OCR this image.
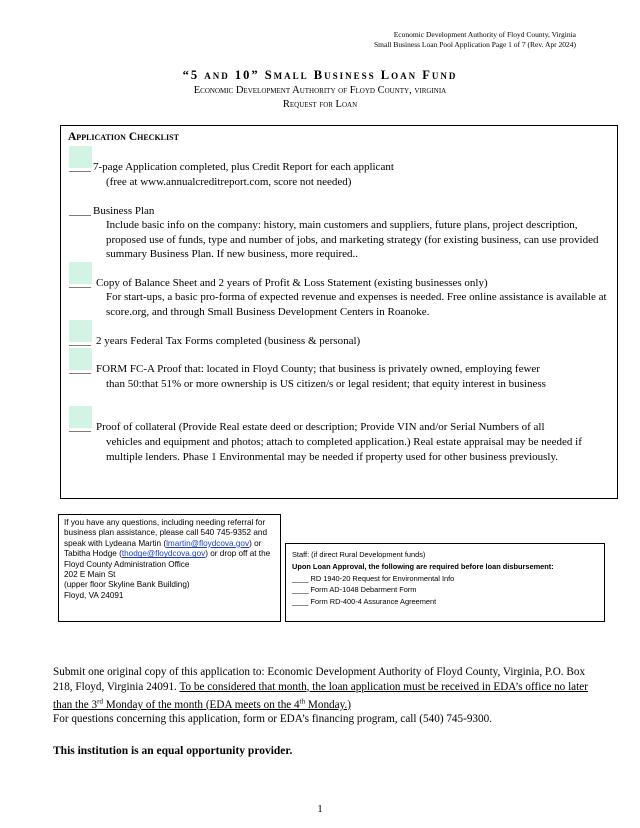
Economic Development Authority of Floyd County, Virginia
Small Business Loan Pool Application Page 1 of 7 (Rev. Apr 2024)
“5 and 10” Small Business Loan Fund
Economic Development Authority of Floyd County, virginia
Request for Loan
Application Checklist
____ 7-page Application completed, plus Credit Report for each applicant
(free at www.annualcreditreport.com, score not needed)
____ Business Plan
Include basic info on the company: history, main customers and suppliers, future plans, project description, proposed use of funds, type and number of jobs, and marketing strategy (for existing business, can use provided summary Business Plan. If new business, more required..
____ Copy of Balance Sheet and 2 years of Profit & Loss Statement (existing businesses only)
For start-ups, a basic pro-forma of expected revenue and expenses is needed. Free online assistance is available at score.org, and through Small Business Development Centers in Roanoke.
____ 2 years Federal Tax Forms completed (business & personal)
____ FORM FC-A Proof that: located in Floyd County; that business is privately owned, employing fewer
than 50:that 51% or more ownership is US citizen/s or legal resident; that equity interest in business
____ Proof of collateral (Provide Real estate deed or description; Provide VIN and/or Serial Numbers of all
vehicles and equipment and photos; attach to completed application.) Real estate appraisal may be needed if multiple lenders. Phase 1 Environmental may be needed if property used for other business previously.
If you have any questions, including needing referral for business plan assistance, please call 540 745-9352 and speak with Lydeana Martin (lmartin@floydcova.gov) or Tabitha Hodge (thodge@floydcova.gov) or drop off at the Floyd County Administration Office
202 E Main St
(upper floor Skyline Bank Building)
Floyd, VA 24091
Staff: (if direct Rural Development funds)
Upon Loan Approval, the following are required before loan disbursement:
____ RD 1940-20 Request for Environmental Info
____ Form AD-1048 Debarment Form
____ Form RD-400-4 Assurance Agreement
Submit one original copy of this application to: Economic Development Authority of Floyd County, Virginia, P.O. Box 218, Floyd, Virginia 24091. To be considered that month, the loan application must be received in EDA’s office no later than the 3rd Monday of the month (EDA meets on the 4th Monday.)
For questions concerning this application, form or EDA’s financing program, call (540) 745-9300.
This institution is an equal opportunity provider.
1
